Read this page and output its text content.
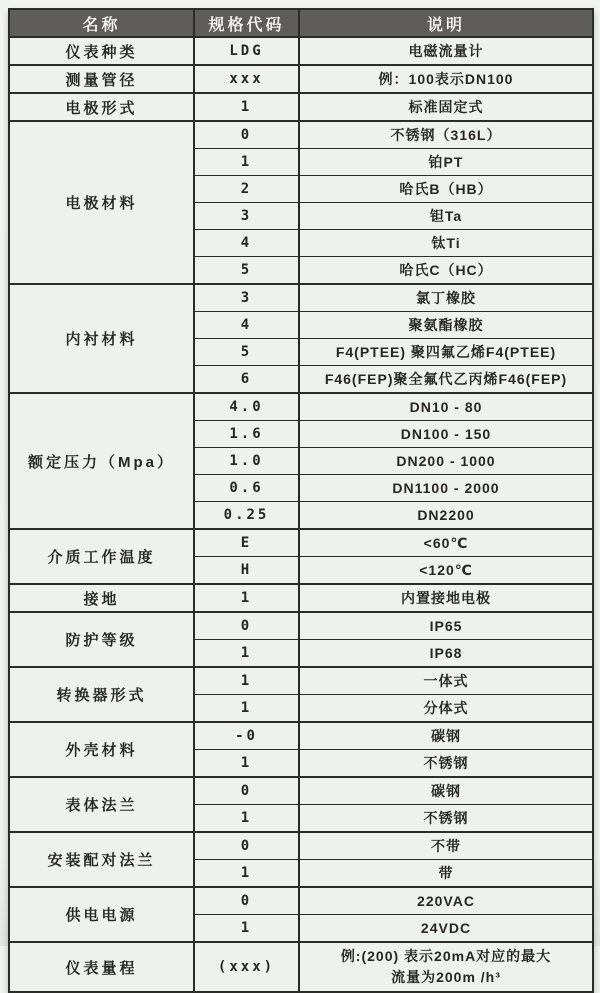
名称	规格代码	说明
仪表种类	LDG	电磁流量计
测量管径	xxx	例：100表示DN100
电极形式	1	标准固定式
电极材料	0	不锈钢（316L）
	1	铂PT
	2	哈氏B（HB）
	3	钽Ta
	4	钛Ti
	5	哈氏C（HC）
内衬材料	3	氯丁橡胶
	4	聚氨酯橡胶
	5	F4(PTEE) 聚四氟乙烯F4(PTEE)
	6	F46(FEP)聚全氟代乙丙烯F46(FEP)
额定压力（Mpa）	4.0	DN10 - 80
	1.6	DN100 - 150
	1.0	DN200 - 1000
	0.6	DN1100 - 2000
	0.25	DN2200
介质工作温度	E	<60℃
	H	<120℃
接地	1	内置接地电极
防护等级	0	IP65
	1	IP68
转换器形式	1	一体式
	1	分体式
外壳材料	-0	碳钢
	1	不锈钢
表体法兰	0	碳钢
	1	不锈钢
安装配对法兰	0	不带
	1	带
供电电源	0	220VAC
	1	24VDC
仪表量程	(xxx)	例:(200) 表示20mA对应的最大
流量为200m /h³
